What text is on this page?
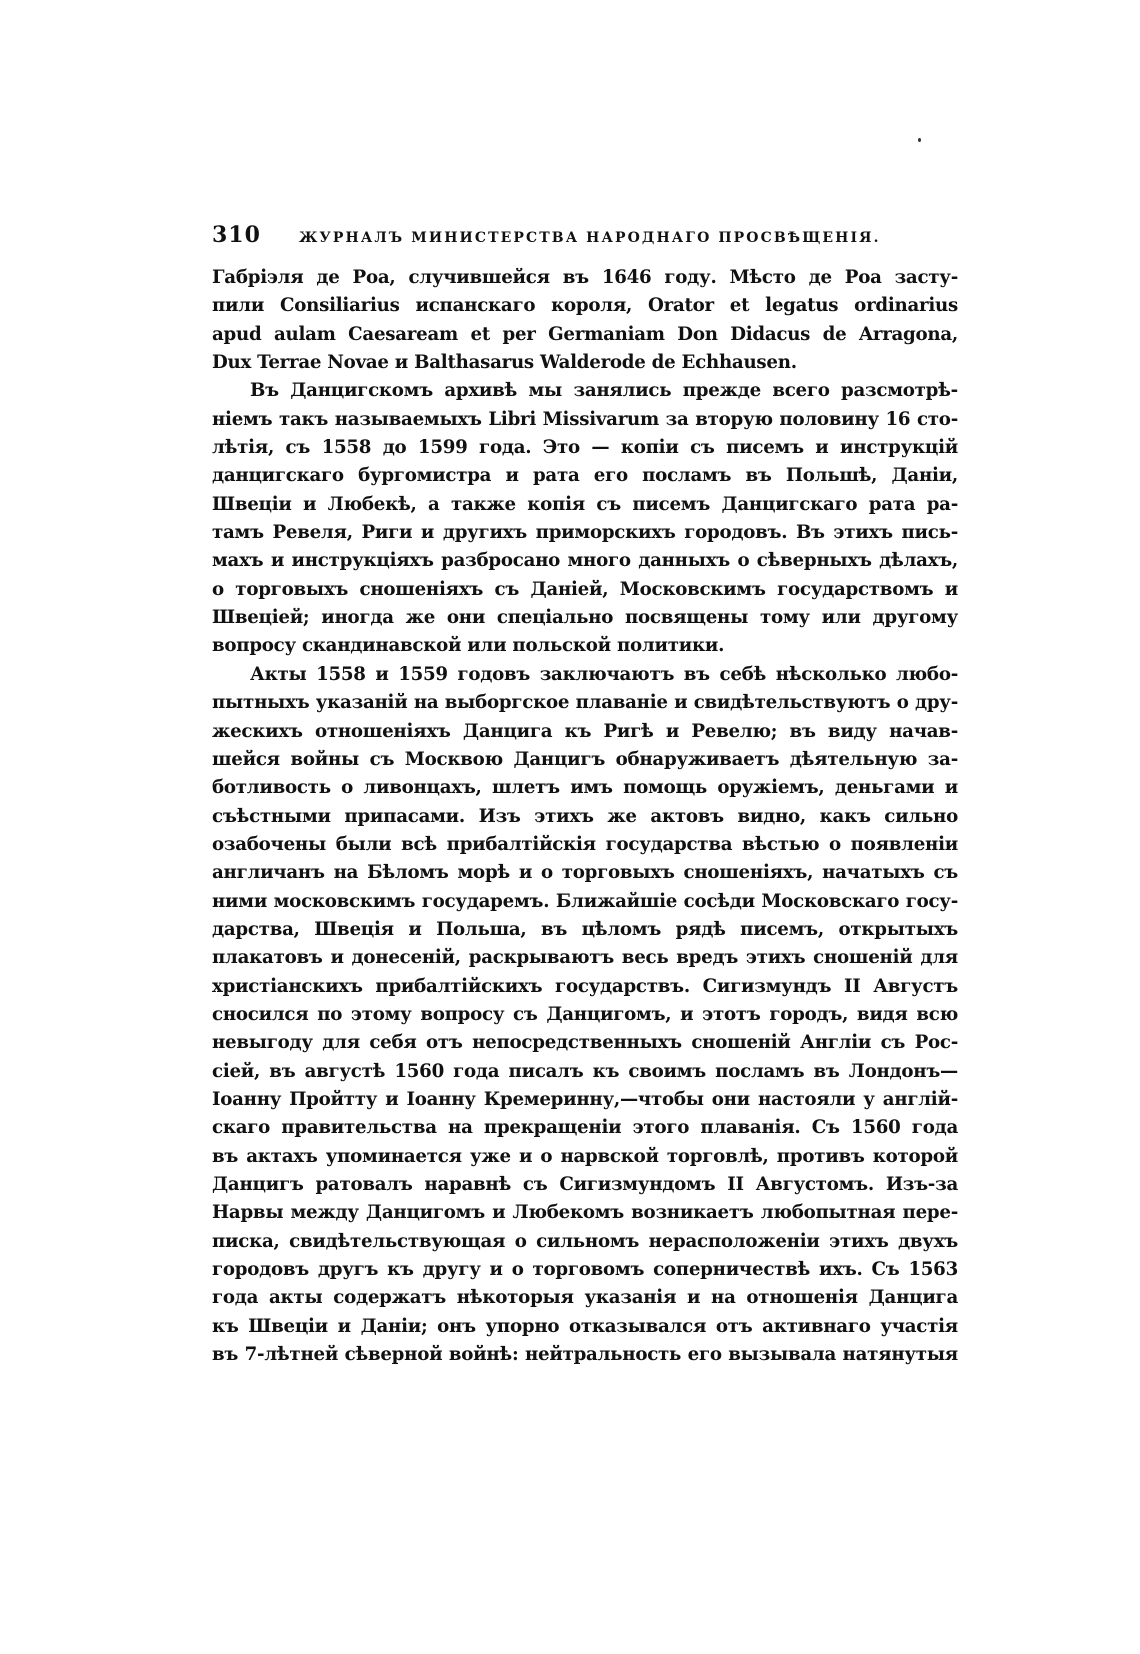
310	ЖУРНАЛЪ МИНИСТЕРСТВА НАРОДНАГО ПРОСВѢЩЕНІЯ.
Габріэля де Роа, случившейся въ 1646 году. Мѣсто де Роа засту-
пили Consiliarius испанскаго короля, Orator et legatus ordinarius
apud aulam Caesaream et per Germaniam Don Didacus de Arragona,
Dux Terrae Novae и Balthasarus Walderode de Echhausen.
Въ Данцигскомъ архивѣ мы занялись прежде всего разсмотрѣ-
ніемъ такъ называемыхъ Libri Missivarum за вторую половину 16 сто-
лѣтія, съ 1558 до 1599 года. Это — копіи съ писемъ и инструкцій
данцигскаго бургомистра и рата его посламъ въ Польшѣ, Даніи,
Швеціи и Любекѣ, а также копія съ писемъ Данцигскаго рата ра-
тамъ Ревеля, Риги и другихъ приморскихъ городовъ. Въ этихъ пись-
махъ и инструкціяхъ разбросано много данныхъ о сѣверныхъ дѣлахъ,
о торговыхъ сношеніяхъ съ Даніей, Московскимъ государствомъ и
Швеціей; иногда же они спеціально посвящены тому или другому
вопросу скандинавской или польской политики.
Акты 1558 и 1559 годовъ заключаютъ въ себѣ нѣсколько любо-
пытныхъ указаній на выборгское плаваніе и свидѣтельствуютъ о дру-
жескихъ отношеніяхъ Данцига къ Ригѣ и Ревелю; въ виду начав-
шейся войны съ Москвою Данцигъ обнаруживаетъ дѣятельную за-
ботливость о ливонцахъ, шлетъ имъ помощь оружіемъ, деньгами и
съѣстными припасами. Изъ этихъ же актовъ видно, какъ сильно
озабочены были всѣ прибалтійскія государства вѣстью о появленіи
англичанъ на Бѣломъ морѣ и о торговыхъ сношеніяхъ, начатыхъ съ
ними московскимъ государемъ. Ближайшіе сосѣди Московскаго госу-
дарства, Швеція и Польша, въ цѣломъ рядѣ писемъ, открытыхъ
плакатовъ и донесеній, раскрываютъ весь вредъ этихъ сношеній для
христіанскихъ прибалтійскихъ государствъ. Сигизмундъ II Августъ
сносился по этому вопросу съ Данцигомъ, и этотъ городъ, видя всю
невыгоду для себя отъ непосредственныхъ сношеній Англіи съ Рос-
сіей, въ августѣ 1560 года писалъ къ своимъ посламъ въ Лондонъ—
Іоанну Пройтту и Іоанну Кремеринну,—чтобы они настояли у англій-
скаго правительства на прекращеніи этого плаванія. Съ 1560 года
въ актахъ упоминается уже и о нарвской торговлѣ, противъ которой
Данцигъ ратовалъ наравнѣ съ Сигизмундомъ II Августомъ. Изъ-за
Нарвы между Данцигомъ и Любекомъ возникаетъ любопытная пере-
писка, свидѣтельствующая о сильномъ нерасположеніи этихъ двухъ
городовъ другъ къ другу и о торговомъ соперничествѣ ихъ. Съ 1563
года акты содержатъ нѣкоторыя указанія и на отношенія Данцига
къ Швеціи и Даніи; онъ упорно отказывался отъ активнаго участія
въ 7-лѣтней сѣверной войнѣ: нейтральность его вызывала натянутыя
